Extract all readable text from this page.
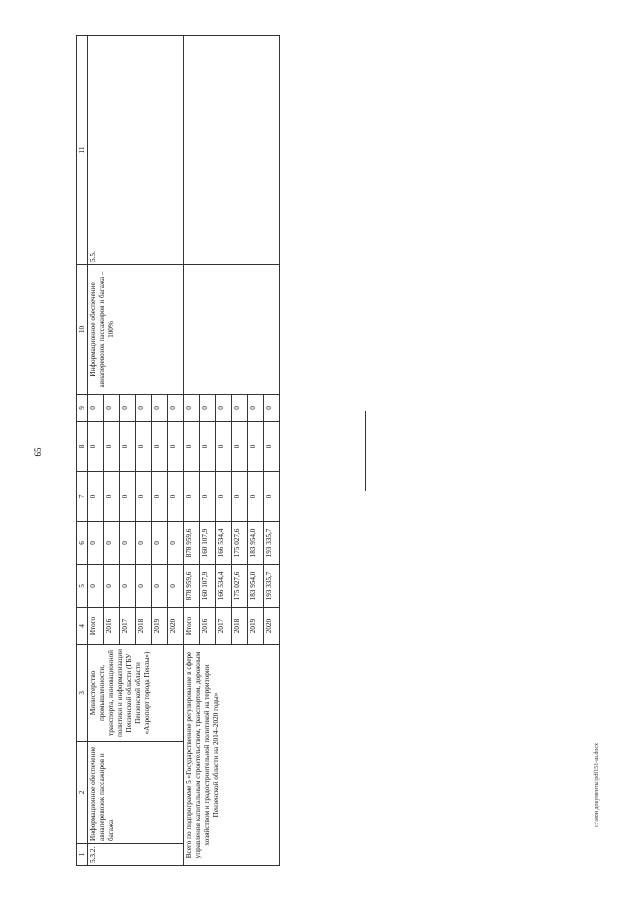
65
c:\мои документы\pdf151-ш.docx
1	2	3	4	5	6	7	8	9	10	11
5.3.2.	Информационное обеспечение авиаперевозок пассажиров и багажа	Министерство промышленности, транспорта, инновационной политики и информатизации Пензенской области (ГБУ Пензенской области «Аэропорт города Пензы»)	Итого	0	0	0	0	0	Информационное обеспечение авиаперевозок пассажиров и багажа – 100%	5.5.
			2016	0	0	0	0	0		
			2017	0	0	0	0	0		
			2018	0	0	0	0	0		
			2019	0	0	0	0	0		
			2020	0	0	0	0	0		
Всего по подпрограмме 5 «Государственное регулирование в сфере управления капитальным строительством, транспортом, дорожным хозяйством и градостроительной политикой на территории Пензенской области на 2014–2020 годы»			Итого	878 959,6	878 959,6	0	0	0		
			2016	160 107,9	160 107,9	0	0	0		
			2017	166 534,4	166 534,4	0	0	0		
			2018	175 027,6	175 027,6	0	0	0		
			2019	183 954,0	183 954,0	0	0	0		
			2020	193 335,7	193 335,7	0	0	0		
